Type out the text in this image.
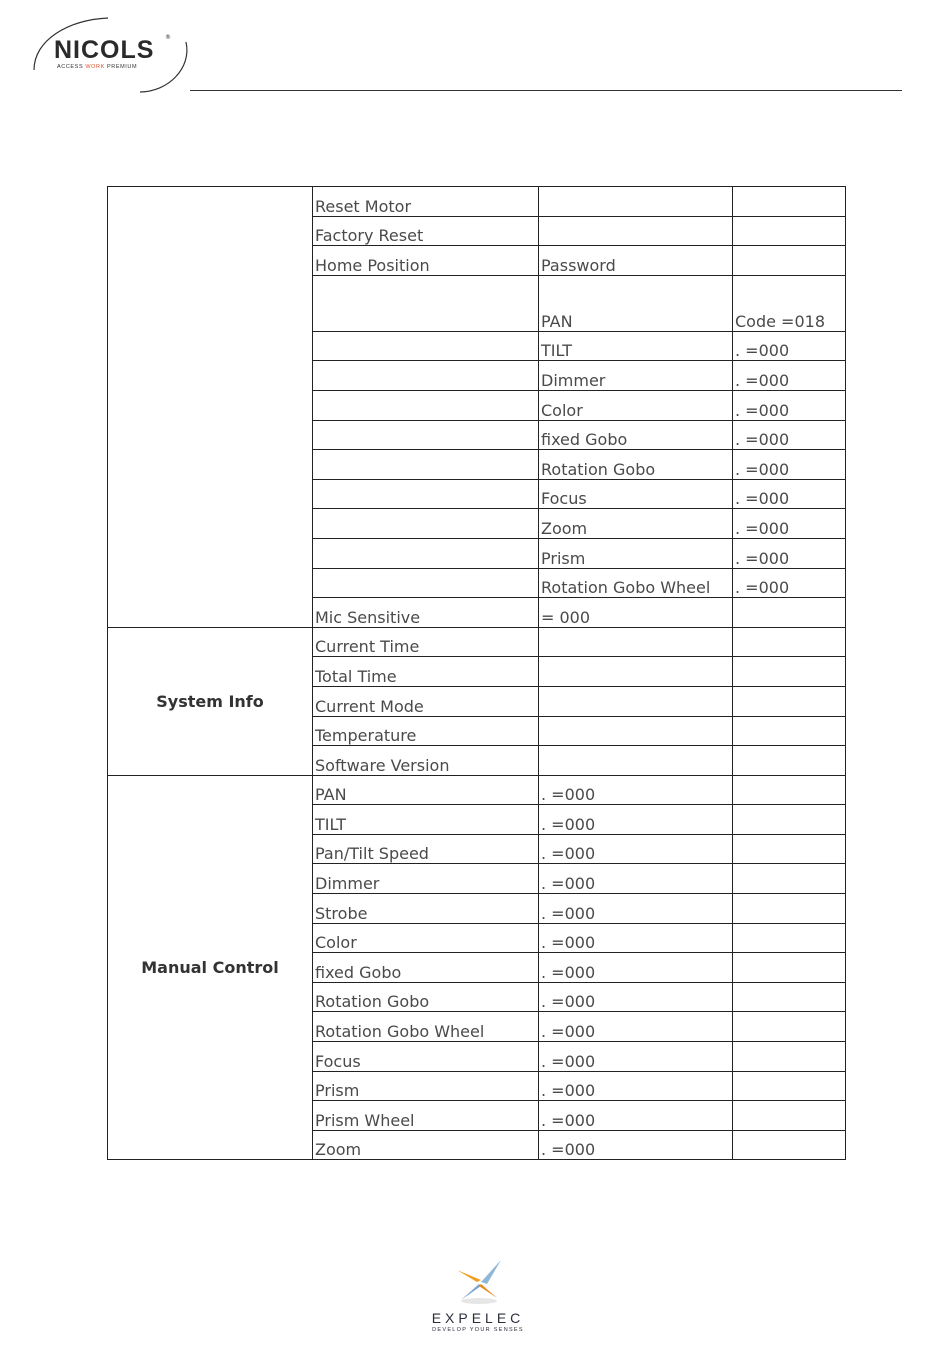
NICOLS ®
ACCESS WORK PREMIUM
	Reset Motor		
	Factory Reset		
	Home Position	Password	
		PAN	Code =018
		TILT	. =000
		Dimmer	. =000
		Color	. =000
		fixed Gobo	. =000
		Rotation Gobo	. =000
		Focus	. =000
		Zoom	. =000
		Prism	. =000
		Rotation Gobo Wheel	. =000
	Mic Sensitive	= 000	
System Info	Current Time		
	Total Time		
	Current Mode		
	Temperature		
	Software Version		
Manual Control	PAN	. =000	
	TILT	. =000	
	Pan/Tilt Speed	. =000	
	Dimmer	. =000	
	Strobe	. =000	
	Color	. =000	
	fixed Gobo	. =000	
	Rotation Gobo	. =000	
	Rotation Gobo Wheel	. =000	
	Focus	. =000	
	Prism	. =000	
	Prism Wheel	. =000	
	Zoom	. =000	
EXPELEC
DEVELOP YOUR SENSES
